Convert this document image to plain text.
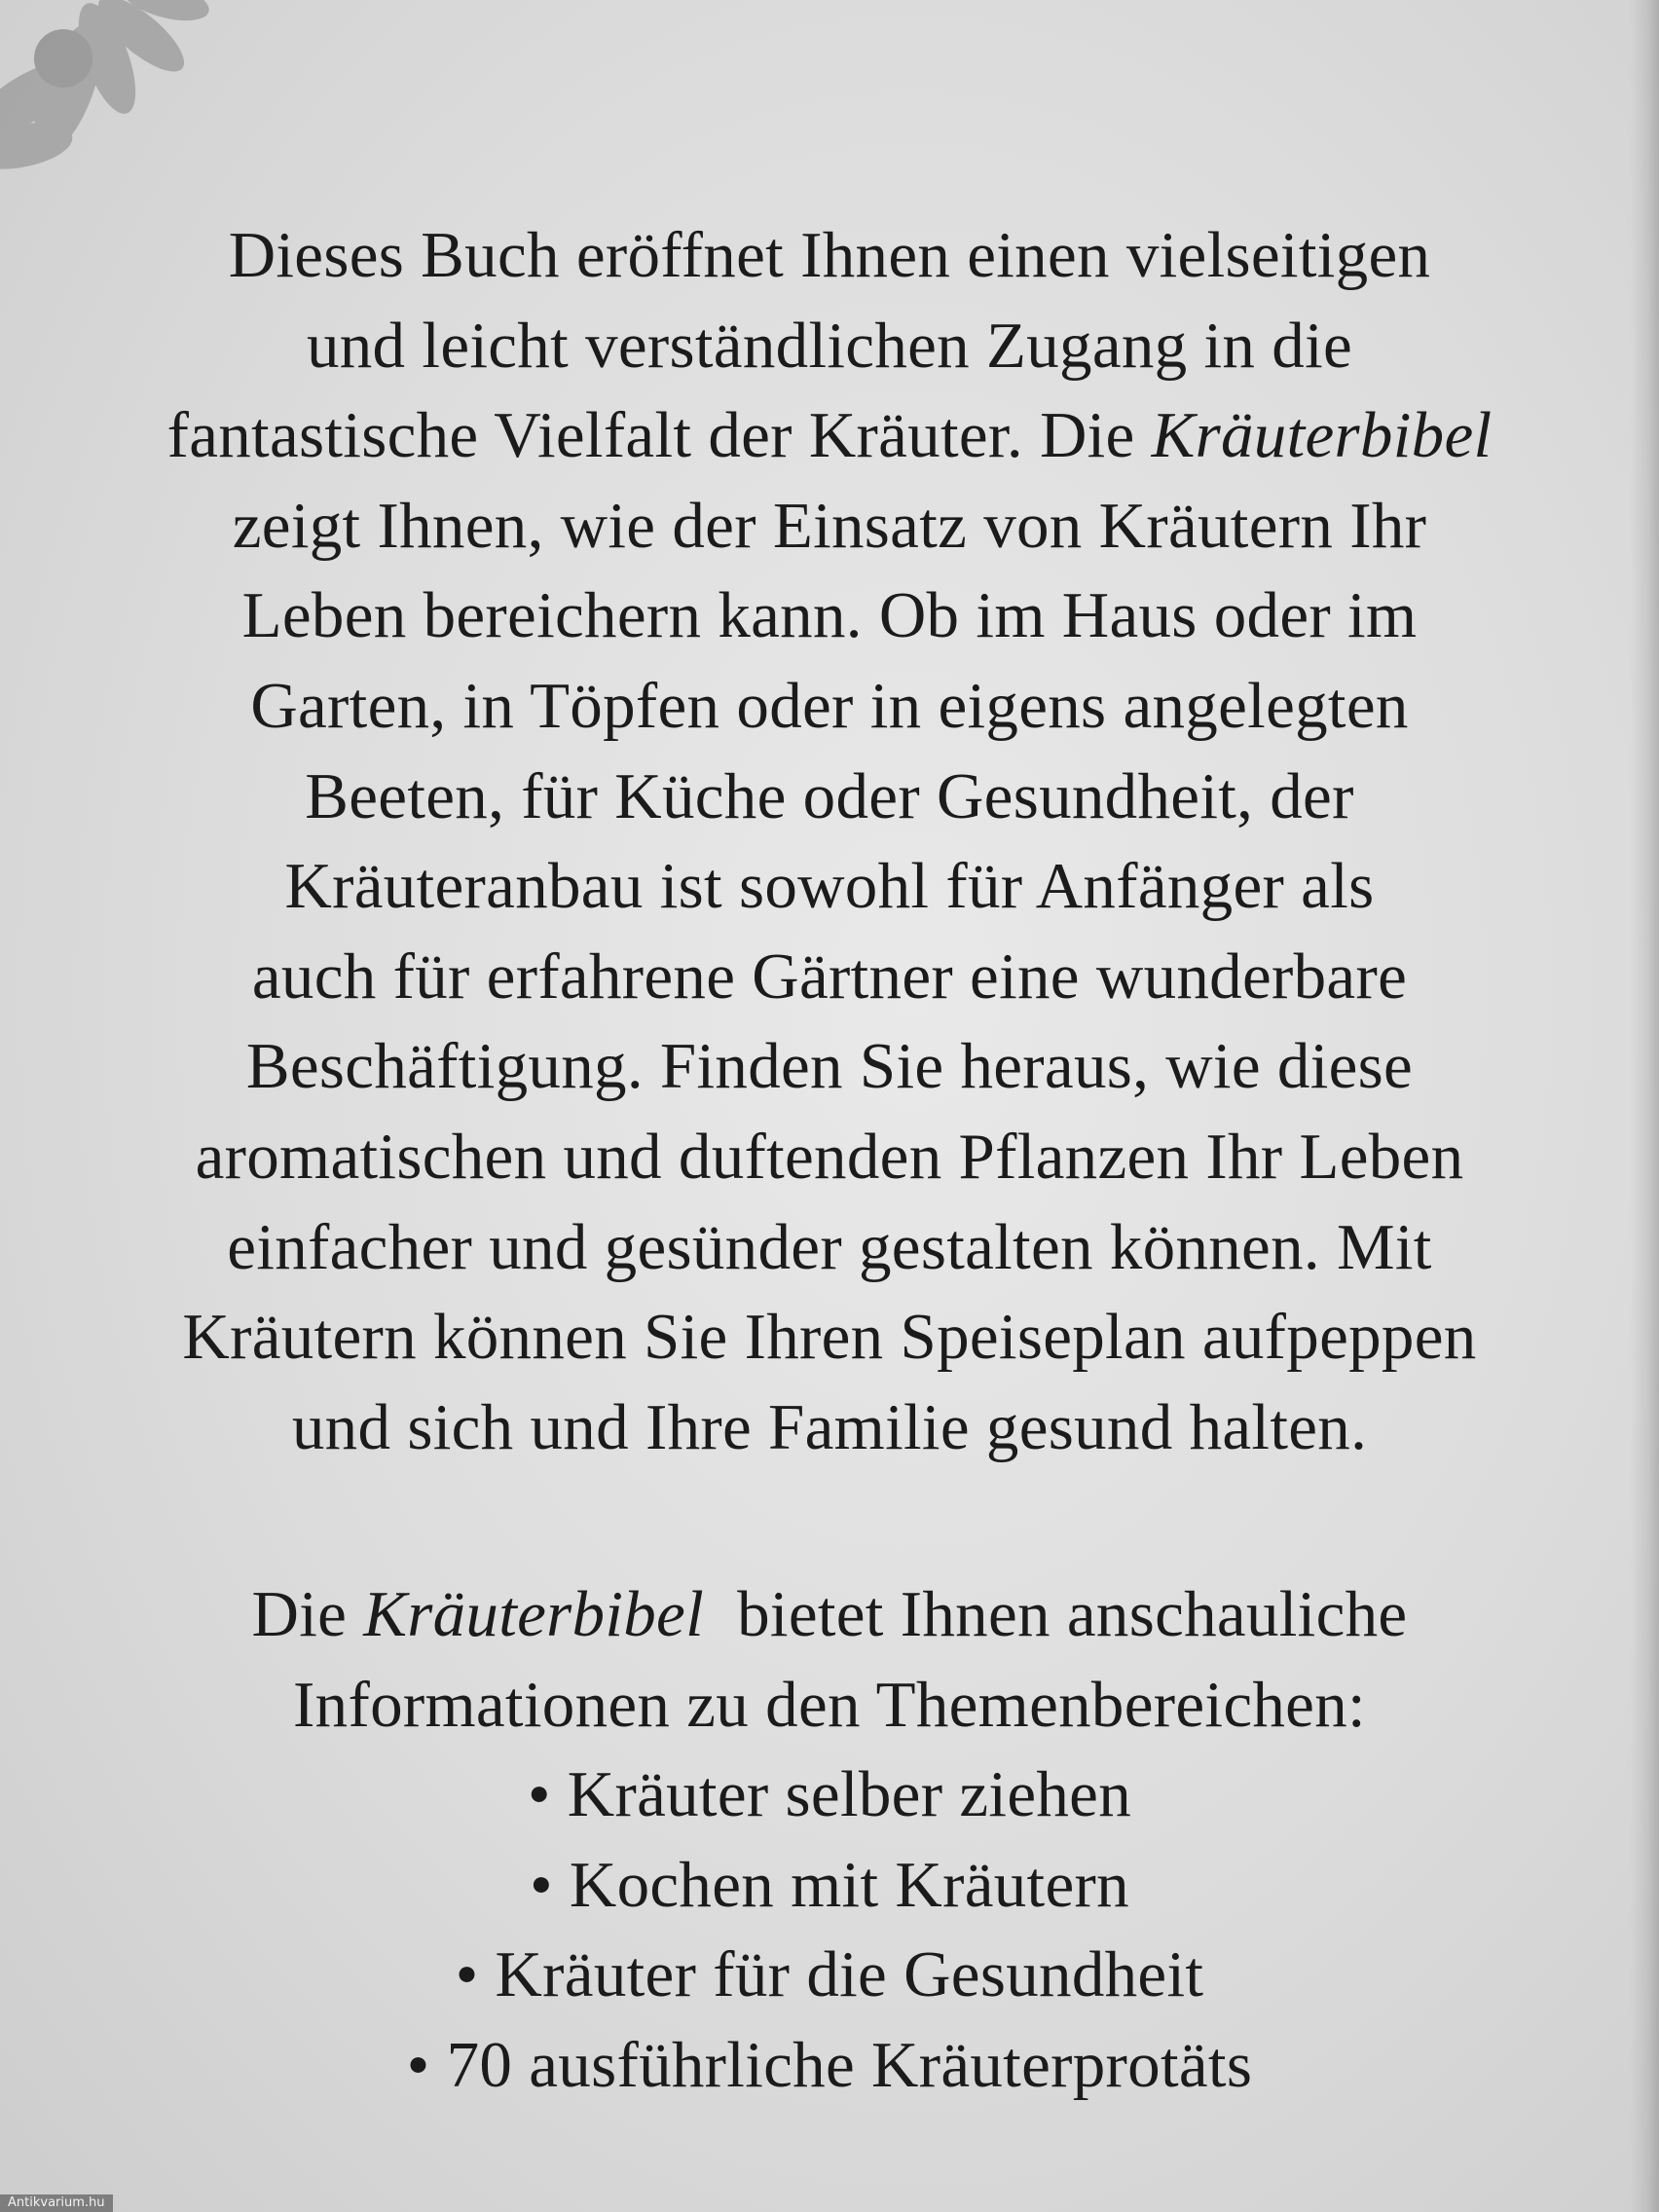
Dieses Buch eröffnet Ihnen einen vielseitigen
und leicht verständlichen Zugang in die
fantastische Vielfalt der Kräuter. Die Kräuterbibel
zeigt Ihnen, wie der Einsatz von Kräutern Ihr
Leben bereichern kann. Ob im Haus oder im
Garten, in Töpfen oder in eigens angelegten
Beeten, für Küche oder Gesundheit, der
Kräuteranbau ist sowohl für Anfänger als
auch für erfahrene Gärtner eine wunderbare
Beschäftigung. Finden Sie heraus, wie diese
aromatischen und duftenden Pflanzen Ihr Leben
einfacher und gesünder gestalten können. Mit
Kräutern können Sie Ihren Speiseplan aufpeppen
und sich und Ihre Familie gesund halten.
Die Kräuterbibel  bietet Ihnen anschauliche
Informationen zu den Themenbereichen:
• Kräuter selber ziehen
• Kochen mit Kräutern
• Kräuter für die Gesundheit
• 70 ausführliche Kräuterprotäts
Antikvarium.hu
